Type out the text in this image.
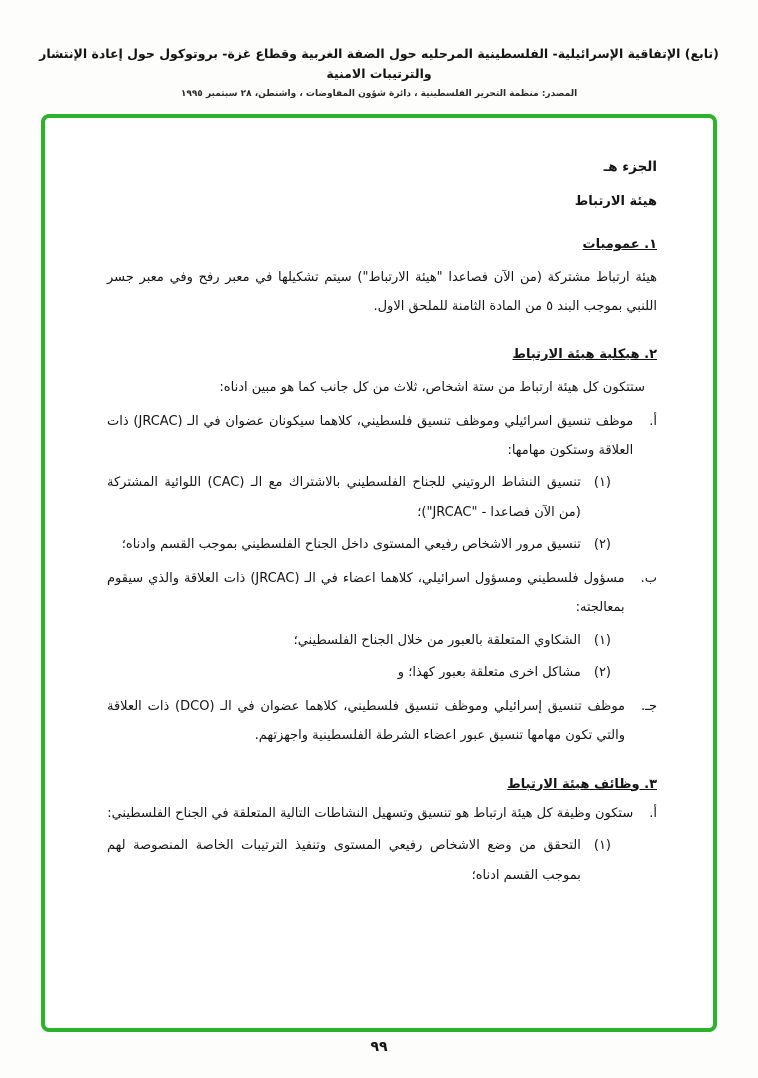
(تابع) الإتفاقية الإسرائيلية- الفلسطينية المرحليه حول الضفة الغربية وقطاع غزة- بروتوكول حول إعادة الإنتشار والترتيبات الامنية
المصدر: منظمة التحرير الفلسطينية ، دائرة شؤون المفاوضات ، واشنطن، ٢٨ سبتمبر ١٩٩٥
الجزء هـ
هيئة الارتباط
١. عموميات
هيئة ارتباط مشتركة (من الآن فصاعدا "هيئة الارتباط") سيتم تشكيلها في معبر رفح وفي معبر جسر اللنبي بموجب البند ٥ من المادة الثامنة للملحق الاول.
٢. هيكلية هيئة الارتباط
ستتكون كل هيئة ارتباط من ستة اشخاص، ثلاث من كل جانب كما هو مبين ادناه:
أ.
موظف تنسيق اسرائيلي وموظف تنسيق فلسطيني، كلاهما سيكونان عضوان في الـ (JRCAC) ذات العلاقة وستكون مهامها:
(١)
تنسيق النشاط الروتيني للجناح الفلسطيني بالاشتراك مع الـ (CAC) اللوائية المشتركة (من الآن فصاعدا - "JRCAC")؛
(٢)
تنسيق مرور الاشخاص رفيعي المستوى داخل الجناح الفلسطيني بموجب القسم وادناه؛
ب.
مسؤول فلسطيني ومسؤول اسرائيلي، كلاهما اعضاء في الـ (JRCAC) ذات العلاقة والذي سيقوم بمعالجته:
(١)
الشكاوي المتعلقة بالعبور من خلال الجناح الفلسطيني؛
(٢)
مشاكل اخرى متعلقة بعبور كهذا؛ و
جـ.
موظف تنسيق إسرائيلي وموظف تنسيق فلسطيني، كلاهما عضوان في الـ (DCO) ذات العلاقة والتي تكون مهامها تنسيق عبور اعضاء الشرطة الفلسطينية واجهزتهم.
٣. وظائف هيئة الارتباط
أ.
ستكون وظيفة كل هيئة ارتباط هو تنسيق وتسهيل النشاطات التالية المتعلقة في الجناح الفلسطيني:
(١)
التحقق من وضع الاشخاص رفيعي المستوى وتنفيذ الترتيبات الخاصة المنصوصة لهم بموجب القسم ادناه؛
٩٩
